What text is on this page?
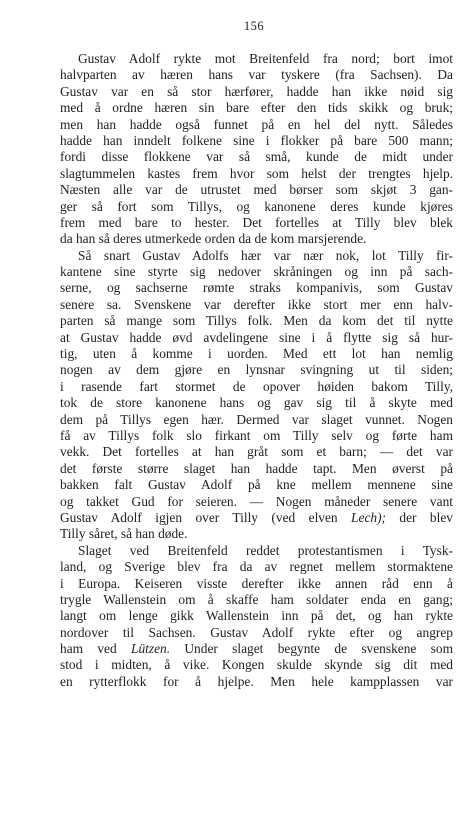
156
Gustav Adolf rykte mot Breitenfeld fra nord; bort imot
halvparten av hæren hans var tyskere (fra Sachsen). Da
Gustav var en så stor hærfører, hadde han ikke nøid sig
med å ordne hæren sin bare efter den tids skikk og bruk;
men han hadde også funnet på en hel del nytt. Således
hadde han inndelt folkene sine i flokker på bare 500 mann;
fordi disse flokkene var så små, kunde de midt under
slagtummelen kastes frem hvor som helst der trengtes hjelp.
Næsten alle var de utrustet med børser som skjøt 3 gan-
ger så fort som Tillys, og kanonene deres kunde kjøres
frem med bare to hester. Det fortelles at Tilly blev blek
da han så deres utmerkede orden da de kom marsjerende.
Så snart Gustav Adolfs hær var nær nok, lot Tilly fir-
kantene sine styrte sig nedover skråningen og inn på sach-
serne, og sachserne rømte straks kompanivis, som Gustav
senere sa. Svenskene var derefter ikke stort mer enn halv-
parten så mange som Tillys folk. Men da kom det til nytte
at Gustav hadde øvd avdelingene sine i å flytte sig så hur-
tig, uten å komme i uorden. Med ett lot han nemlig
nogen av dem gjøre en lynsnar svingning ut til siden;
i rasende fart stormet de opover høiden bakom Tilly,
tok de store kanonene hans og gav sig til å skyte med
dem på Tillys egen hær. Dermed var slaget vunnet. Nogen
få av Tillys folk slo firkant om Tilly selv og førte ham
vekk. Det fortelles at han gråt som et barn; — det var
det første større slaget han hadde tapt. Men øverst på
bakken falt Gustav Adolf på kne mellem mennene sine
og takket Gud for seieren. — Nogen måneder senere vant
Gustav Adolf igjen over Tilly (ved elven Lech); der blev
Tilly såret, så han døde.
Slaget ved Breitenfeld reddet protestantismen i Tysk-
land, og Sverige blev fra da av regnet mellem stormaktene
i Europa. Keiseren visste derefter ikke annen råd enn å
trygle Wallenstein om å skaffe ham soldater enda en gang;
langt om lenge gikk Wallenstein inn på det, og han rykte
nordover til Sachsen. Gustav Adolf rykte efter og angrep
ham ved Lützen. Under slaget begynte de svenskene som
stod i midten, å vike. Kongen skulde skynde sig dit med
en rytterflokk for å hjelpe. Men hele kampplassen var
